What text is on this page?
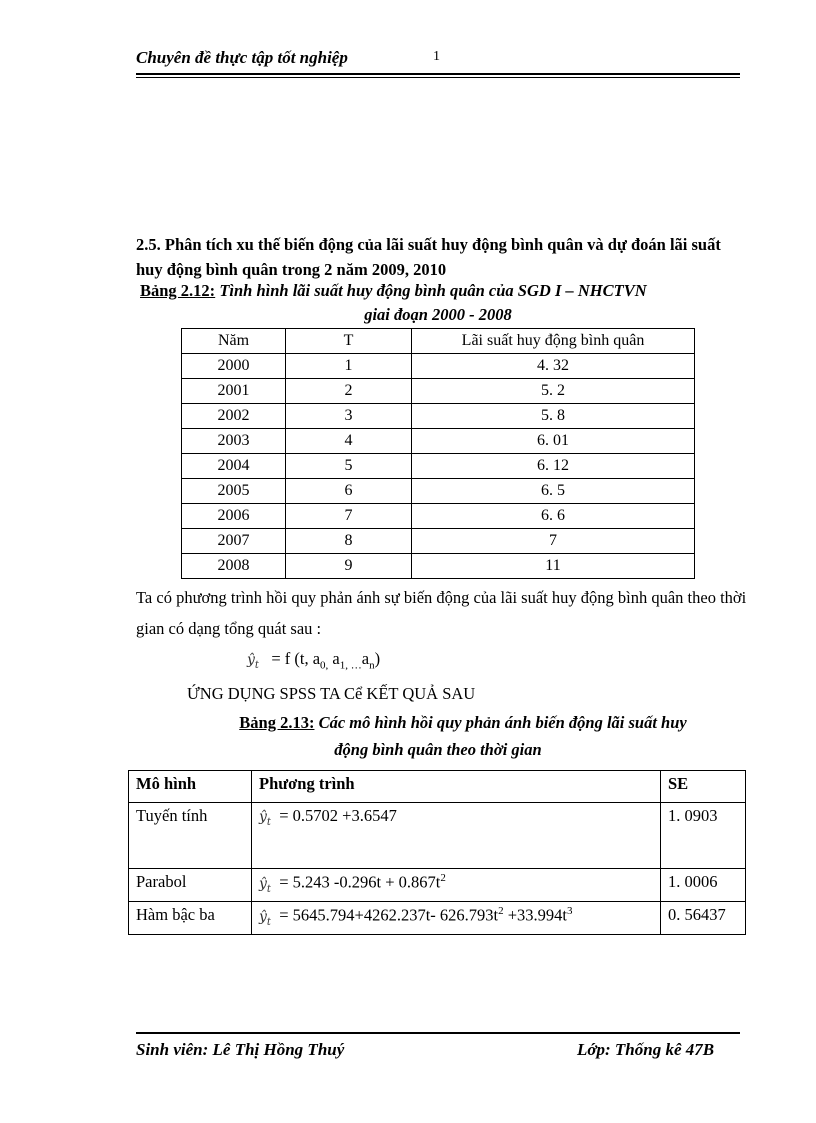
Chuyên đề thực tập tốt nghiệp	1
2.5. Phân tích xu thế biến động của lãi suất huy động bình quân và dự đoán lãi suất huy động bình quân trong 2 năm 2009, 2010
Bảng 2.12: Tình hình lãi suất huy động bình quân của SGD I – NHCTVN
giai đoạn 2000 - 2008
Năm	T	Lãi suất huy động bình quân
2000	1	4. 32
2001	2	5. 2
2002	3	5. 8
2003	4	6. 01
2004	5	6. 12
2005	6	6. 5
2006	7	6. 6
2007	8	7
2008	9	11
Ta có phương trình hồi quy phản ánh sự biến động của lãi suất huy động bình quân theo thời gian có dạng tổng quát sau :
$ŷ_t = f$ (t, $a_{0,}$ $a_{1, \dots}a_n$)
ỨNG DỤNG SPSS TA Cể KẾT QUẢ SAU
Bảng 2.13: Các mô hình hồi quy phản ánh biến động lãi suất huy
động bình quân theo thời gian
Mô hình	Phương trình	SE
Tuyến tính	$ŷ_t = 0.5702 +3.6547$	1. 0903
Parabol	$ŷ_t = 5.243$ $-0.296t + 0.867t^2$	1. 0006
Hàm bậc ba	$ŷ_t = 5645.794+4262.237t-$ $626.793t^2 +33.994t^3$	0. 56437
Sinh viên: Lê Thị Hồng Thuý	Lớp: Thống kê 47B
